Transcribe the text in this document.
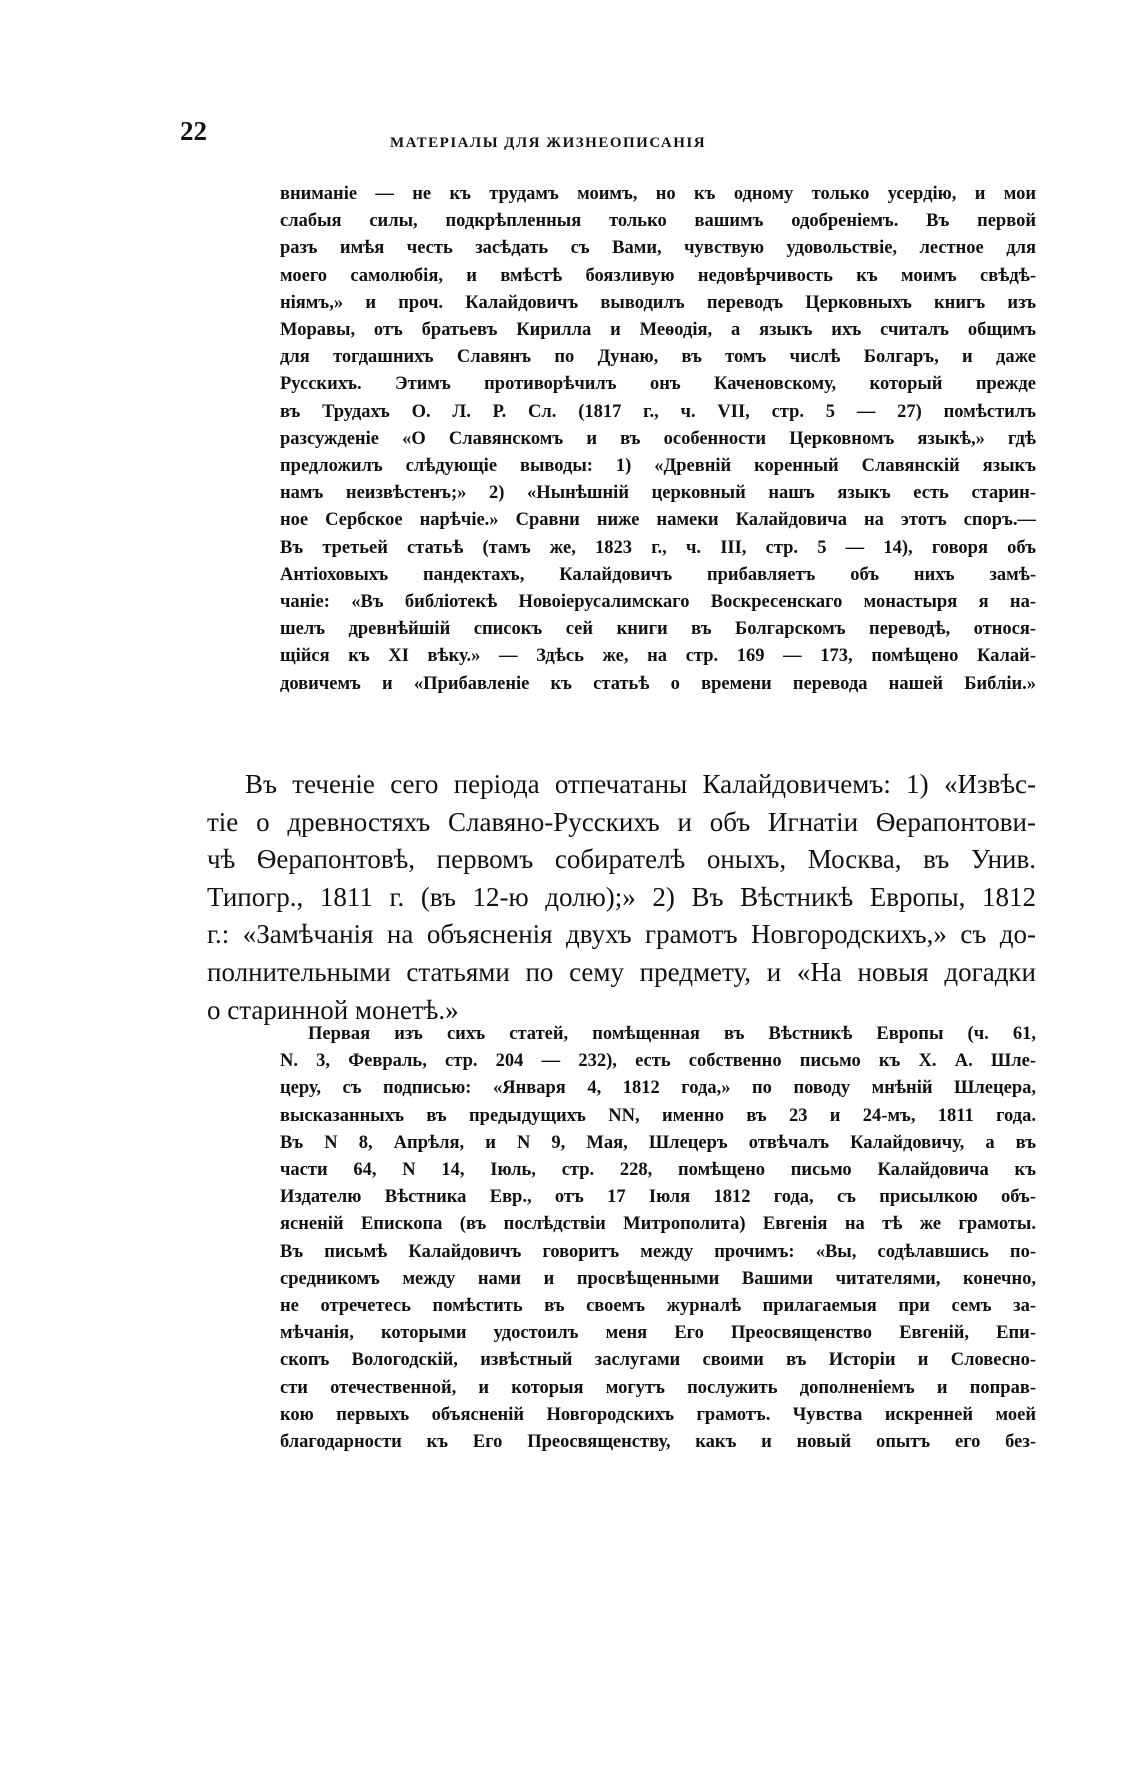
22	МАТЕРІАЛЫ ДЛЯ ЖИЗНЕОПИСАНІЯ
вниманіе — не къ трудамъ моимъ, но къ одному только усердію, и мои
слабыя силы, подкрѣпленныя только вашимъ одобреніемъ. Въ первой
разъ имѣя честь засѣдать съ Вами, чувствую удовольствіе, лестное для
моего самолюбія, и вмѣстѣ боязливую недовѣрчивость къ моимъ свѣдѣ-
ніямъ,» и проч. Калайдовичъ выводилъ переводъ Церковныхъ книгъ изъ
Моравы, отъ братьевъ Кирилла и Меѳодія, а языкъ ихъ считалъ общимъ
для тогдашнихъ Славянъ по Дунаю, въ томъ числѣ Болгаръ, и даже
Русскихъ. Этимъ противорѣчилъ онъ Каченовскому, который прежде
въ Трудахъ О. Л. Р. Сл. (1817 г., ч. VII, стр. 5 — 27) помѣстилъ
разсужденіе «О Славянскомъ и въ особенности Церковномъ языкѣ,» гдѣ
предложилъ слѣдующіе выводы: 1) «Древній коренный Славянскій языкъ
намъ неизвѣстенъ;» 2) «Нынѣшній церковный нашъ языкъ есть старин-
ное Сербское нарѣчіе.» Сравни ниже намеки Калайдовича на этотъ споръ.—
Въ третьей статьѣ (тамъ же, 1823 г., ч. III, стр. 5 — 14), говоря объ
Антіоховыхъ пандектахъ, Калайдовичъ прибавляетъ объ нихъ замѣ-
чаніе: «Въ библіотекѣ Новоіерусалимскаго Воскресенскаго монастыря я на-
шелъ древнѣйшій списокъ сей книги въ Болгарскомъ переводѣ, относя-
щійся къ XI вѣку.» — Здѣсь же, на стр. 169 — 173, помѣщено Калай-
довичемъ и «Прибавленіе къ статьѣ о времени перевода нашей Библіи.»
Въ теченіе сего періода отпечатаны Калайдовичемъ: 1) «Извѣс-
тіе о древностяхъ Славяно-Русскихъ и объ Игнатіи Ѳерапонтови-
чѣ Ѳерапонтовѣ, первомъ собирателѣ оныхъ, Москва, въ Унив.
Типогр., 1811 г. (въ 12-ю долю);» 2) Въ Вѣстникѣ Европы, 1812
г.: «Замѣчанія на объясненія двухъ грамотъ Новгородскихъ,» съ до-
полнительными статьями по сему предмету, и «На новыя догадки
о старинной монетѣ.»
Первая изъ сихъ статей, помѣщенная въ Вѣстникѣ Европы (ч. 61,
N. 3, Февраль, стр. 204 — 232), есть собственно письмо къ Х. А. Шле-
церу, съ подписью: «Января 4, 1812 года,» по поводу мнѣній Шлецера,
высказанныхъ въ предыдущихъ NN, именно въ 23 и 24-мъ, 1811 года.
Въ N 8, Апрѣля, и N 9, Мая, Шлецеръ отвѣчалъ Калайдовичу, а въ
части 64, N 14, Іюль, стр. 228, помѣщено письмо Калайдовича къ
Издателю Вѣстника Евр., отъ 17 Іюля 1812 года, съ присылкою объ-
ясненій Епископа (въ послѣдствіи Митрополита) Евгенія на тѣ же грамоты.
Въ письмѣ Калайдовичъ говоритъ между прочимъ: «Вы, содѣлавшись по-
средникомъ между нами и просвѣщенными Вашими читателями, конечно,
не отречетесь помѣстить въ своемъ журналѣ прилагаемыя при семъ за-
мѣчанія, которыми удостоилъ меня Его Преосвященство Евгеній, Епи-
скопъ Вологодскій, извѣстный заслугами своими въ Исторіи и Словесно-
сти отечественной, и которыя могутъ послужить дополненіемъ и поправ-
кою первыхъ объясненій Новгородскихъ грамотъ. Чувства искренней моей
благодарности къ Его Преосвященству, какъ и новый опытъ его без-
